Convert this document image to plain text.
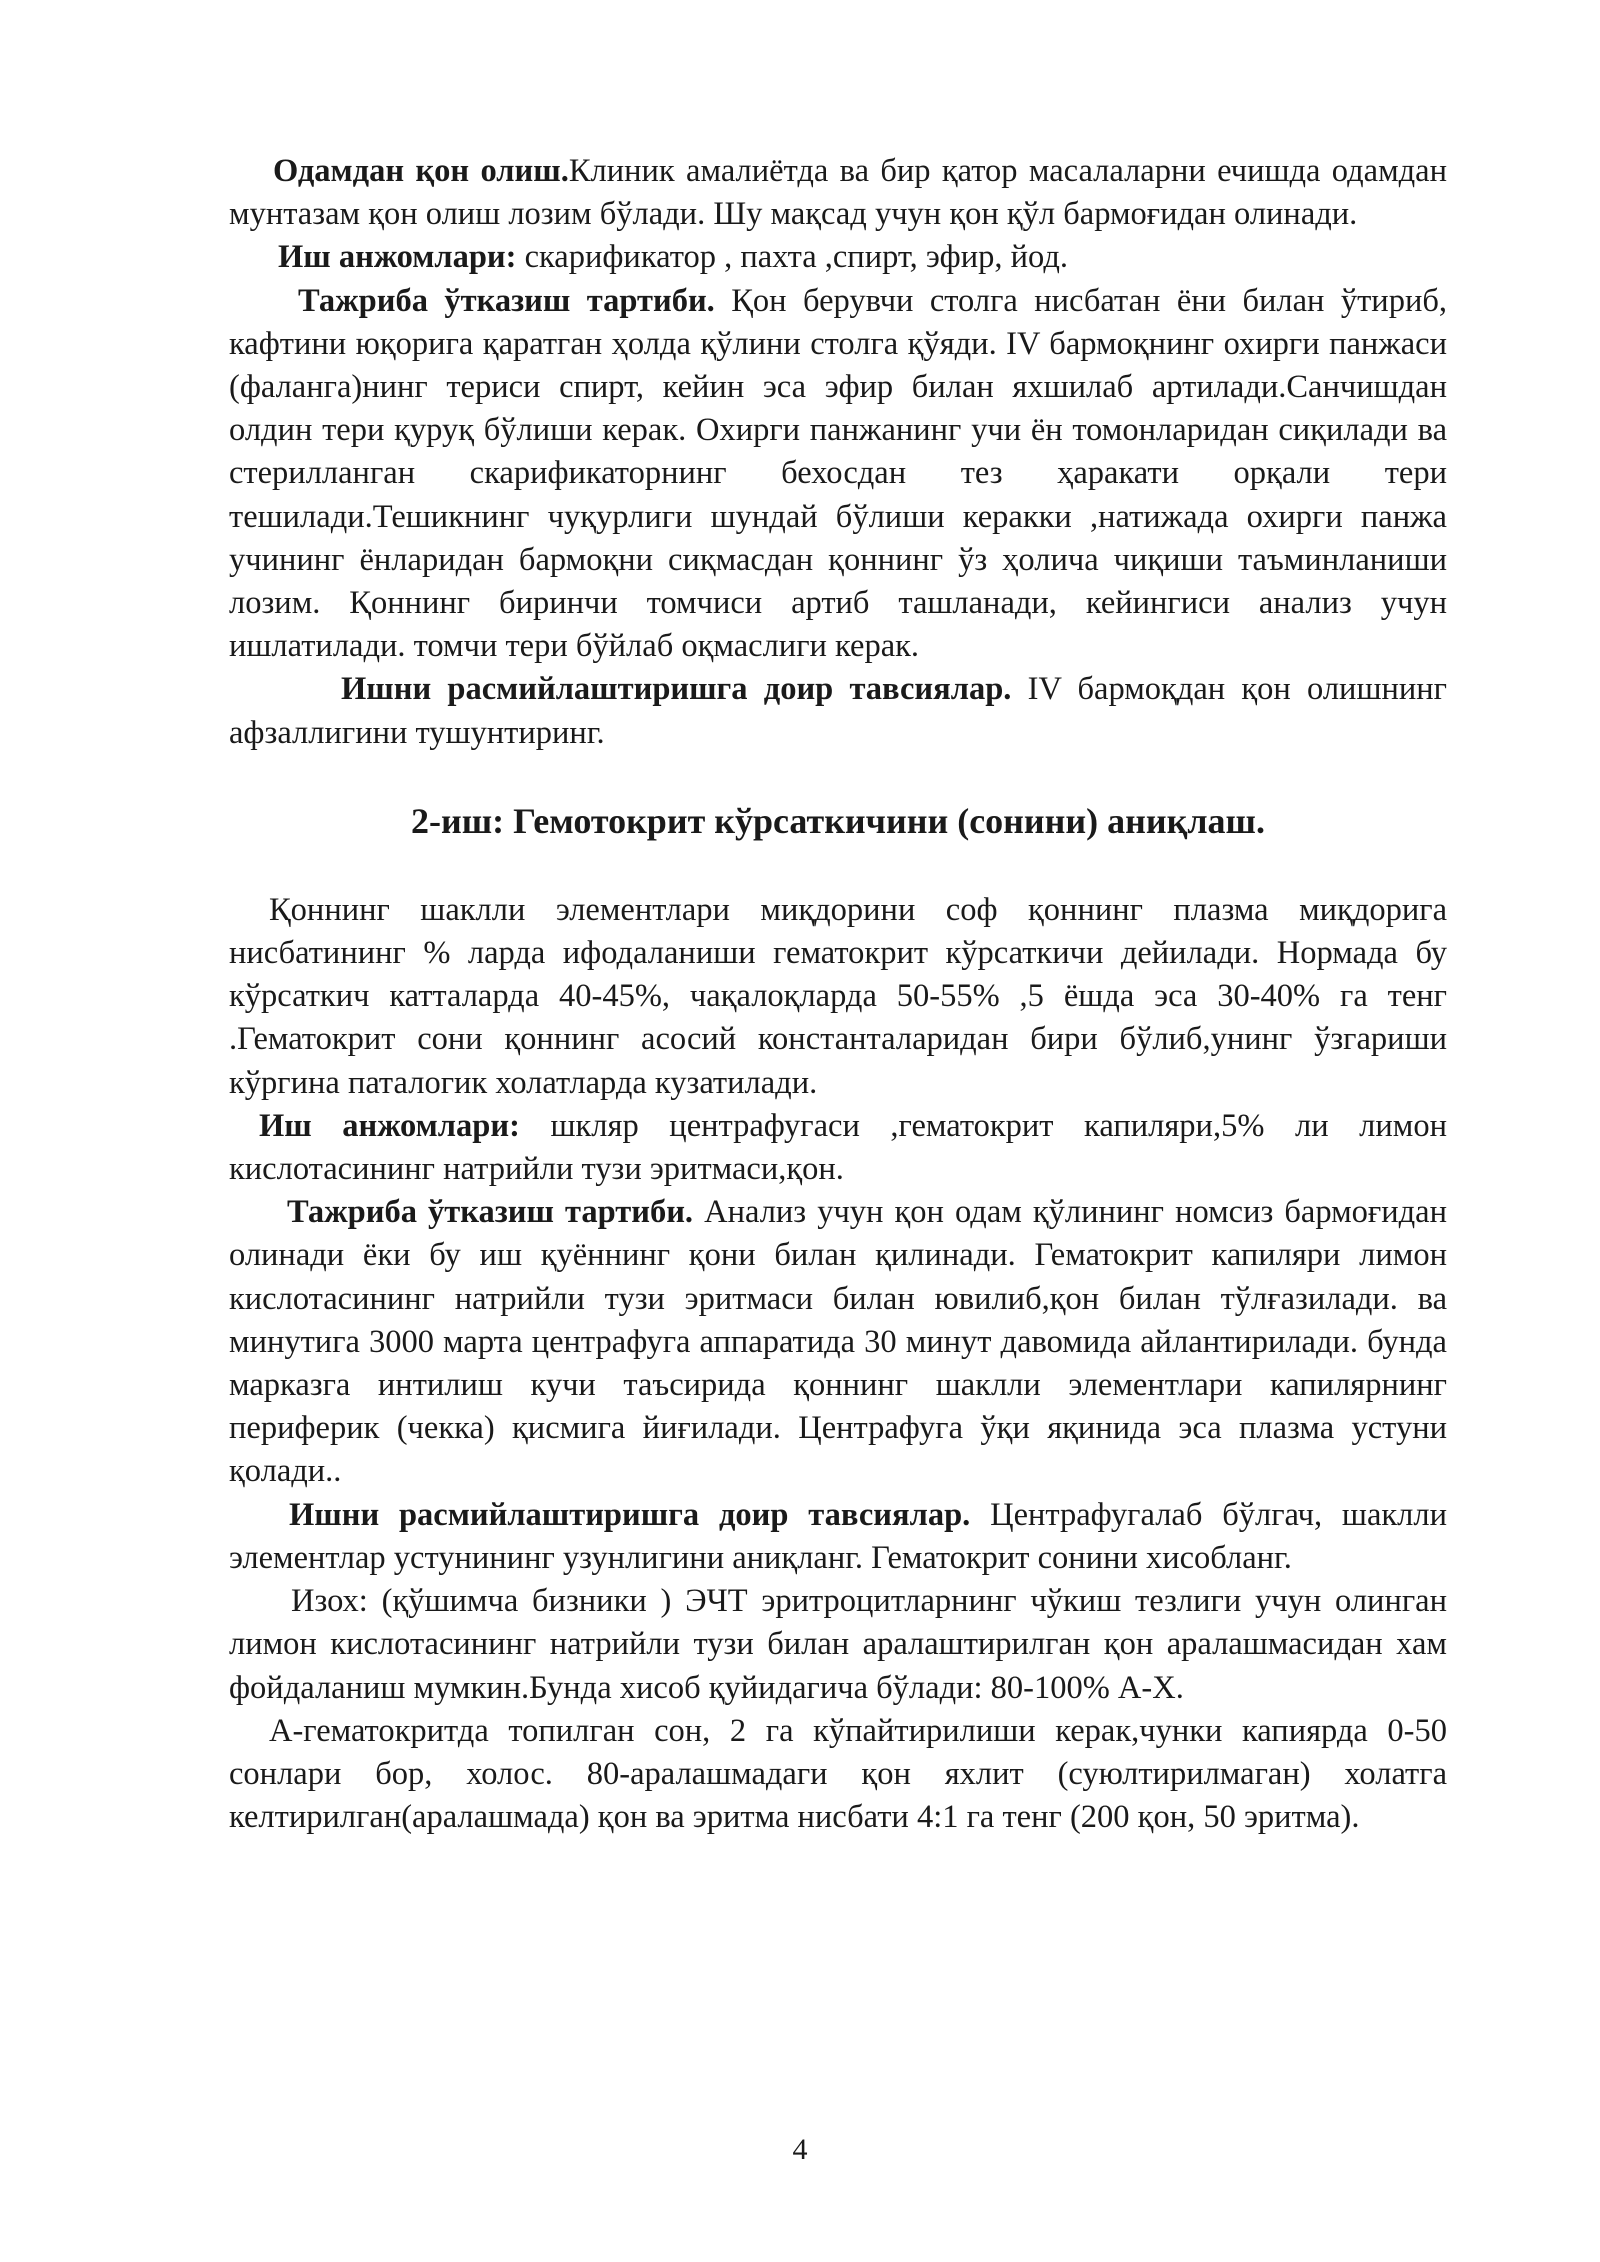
Одамдан қон олиш.Клиник амалиётда ва бир қатор масалаларни ечишда одамдан мунтазам қон олиш лозим бўлади. Шу мақсад учун қон қўл бармоғидан олинади.

Иш анжомлари: скарификатор , пахта ,спирт, эфир, йод.

Тажриба ўтказиш тартиби. Қон берувчи столга нисбатан ёни билан ўтириб, кафтини юқорига қаратган ҳолда қўлини столга қўяди. IV бармоқнинг охирги панжаси (фаланга)нинг териси спирт, кейин эса эфир билан яхшилаб артилади.Санчишдан олдин тери қуруқ бўлиши керак. Охирги панжанинг учи ён томонларидан сиқилади ва стерилланган скарификаторнинг бехосдан тез ҳаракати орқали тери тешилади.Тешикнинг чуқурлиги шундай бўлиши керакки ,натижада охирги панжа учининг ёнларидан бармоқни сиқмасдан қоннинг ўз ҳолича чиқиши таъминланиши лозим. Қоннинг биринчи томчиси артиб ташланади, кейингиси анализ учун ишлатилади. томчи тери бўйлаб оқмаслиги керак.

Ишни расмийлаштиришга доир тавсиялар. IV бармоқдан қон олишнинг афзаллигини тушунтиринг.

2-иш: Гемотокрит кўрсаткичини (сонини) аниқлаш.

Қоннинг шаклли элементлари миқдорини соф қоннинг плазма миқдорига нисбатининг % ларда ифодаланиши гематокрит кўрсаткичи дейилади. Нормада бу кўрсаткич катталарда 40-45%, чақалоқларда 50-55% ,5 ёшда эса 30-40% га тенг .Гематокрит сони қоннинг асосий константаларидан бири бўлиб,унинг ўзгариши кўргина паталогик холатларда кузатилади.

Иш анжомлари: шкляр центрафугаси ,гематокрит капиляри,5% ли лимон кислотасининг натрийли тузи эритмаси,қон.

Тажриба ўтказиш тартиби. Анализ учун қон одам қўлининг номсиз бармоғидан олинади ёки бу иш қуённинг қони билан қилинади. Гематокрит капиляри лимон кислотасининг натрийли тузи эритмаси билан ювилиб,қон билан тўлғазилади. ва минутига 3000 марта центрафуга аппаратида 30 минут давомида айлантирилади. бунда марказга интилиш кучи таъсирида қоннинг шаклли элементлари капилярнинг периферик (чекка) қисмига йиғилади. Центрафуга ўқи яқинида эса плазма устуни қолади..

Ишни расмийлаштиришга доир тавсиялар. Центрафугалаб бўлгач, шаклли элементлар устунининг узунлигини аниқланг. Гематокрит сонини хисобланг.

Изох: (қўшимча бизники ) ЭЧТ эритроцитларнинг чўкиш тезлиги учун олинган лимон кислотасининг натрийли тузи билан аралаштирилган қон аралашмасидан хам фойдаланиш мумкин.Бунда хисоб қуйидагича бўлади: 80-100% А-Х.

А-гематокритда топилган сон, 2 га кўпайтирилиши керак,чунки капиярда 0-50 сонлари бор, холос. 80-аралашмадаги қон яхлит (суюлтирилмаган) холатга келтирилган(аралашмада) қон ва эритма нисбати 4:1 га тенг (200 қон, 50 эритма).

4
